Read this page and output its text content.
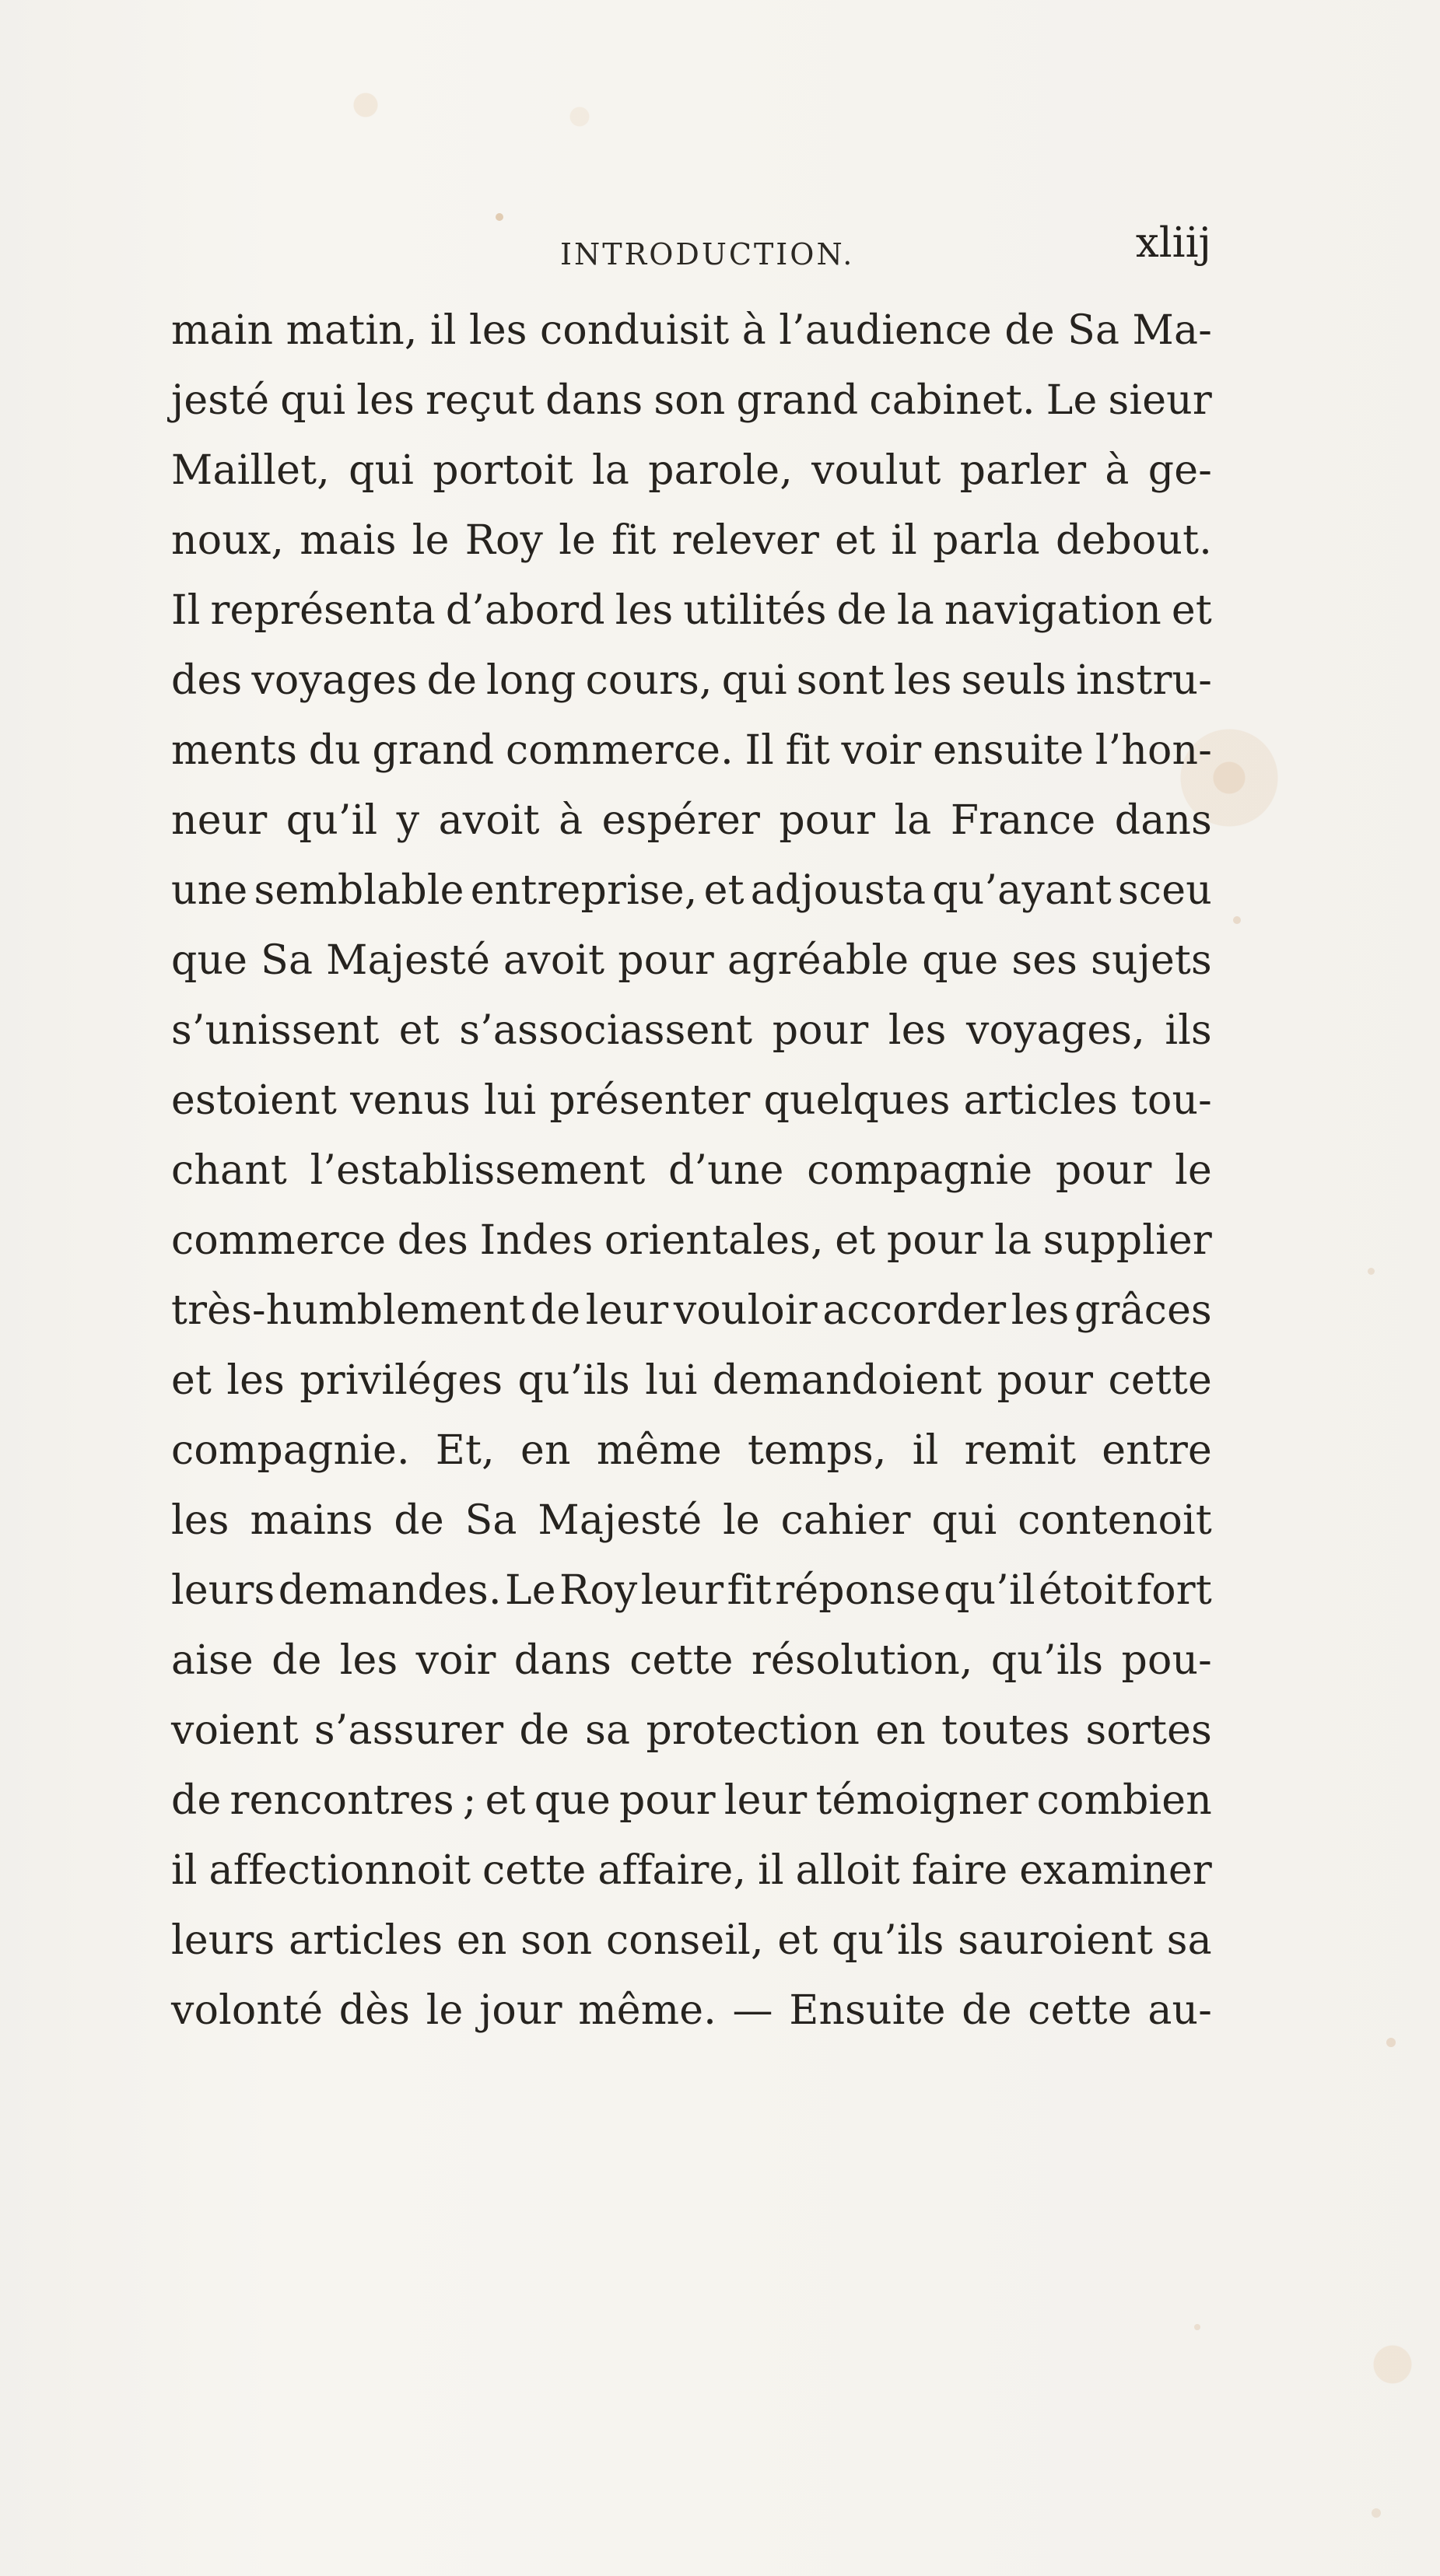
INTRODUCTION.	xliij
main matin, il les conduisit à l’audience de Sa Ma-
jesté qui les reçut dans son grand cabinet. Le sieur
Maillet, qui portoit la parole, voulut parler à ge-
noux, mais le Roy le fit relever et il parla debout.
Il représenta d’abord les utilités de la navigation et
des voyages de long cours, qui sont les seuls instru-
ments du grand commerce. Il fit voir ensuite l’hon-
neur qu’il y avoit à espérer pour la France dans
une semblable entreprise, et adjousta qu’ayant sceu
que Sa Majesté avoit pour agréable que ses sujets
s’unissent et s’associassent pour les voyages, ils
estoient venus lui présenter quelques articles tou-
chant l’establissement d’une compagnie pour le
commerce des Indes orientales, et pour la supplier
très-humblement de leur vouloir accorder les grâces
et les priviléges qu’ils lui demandoient pour cette
compagnie. Et, en même temps, il remit entre
les mains de Sa Majesté le cahier qui contenoit
leurs demandes. Le Roy leur fit réponse qu’il étoit fort
aise de les voir dans cette résolution, qu’ils pou-
voient s’assurer de sa protection en toutes sortes
de rencontres ; et que pour leur témoigner combien
il affectionnoit cette affaire, il alloit faire examiner
leurs articles en son conseil, et qu’ils sauroient sa
volonté dès le jour même. — Ensuite de cette au-
